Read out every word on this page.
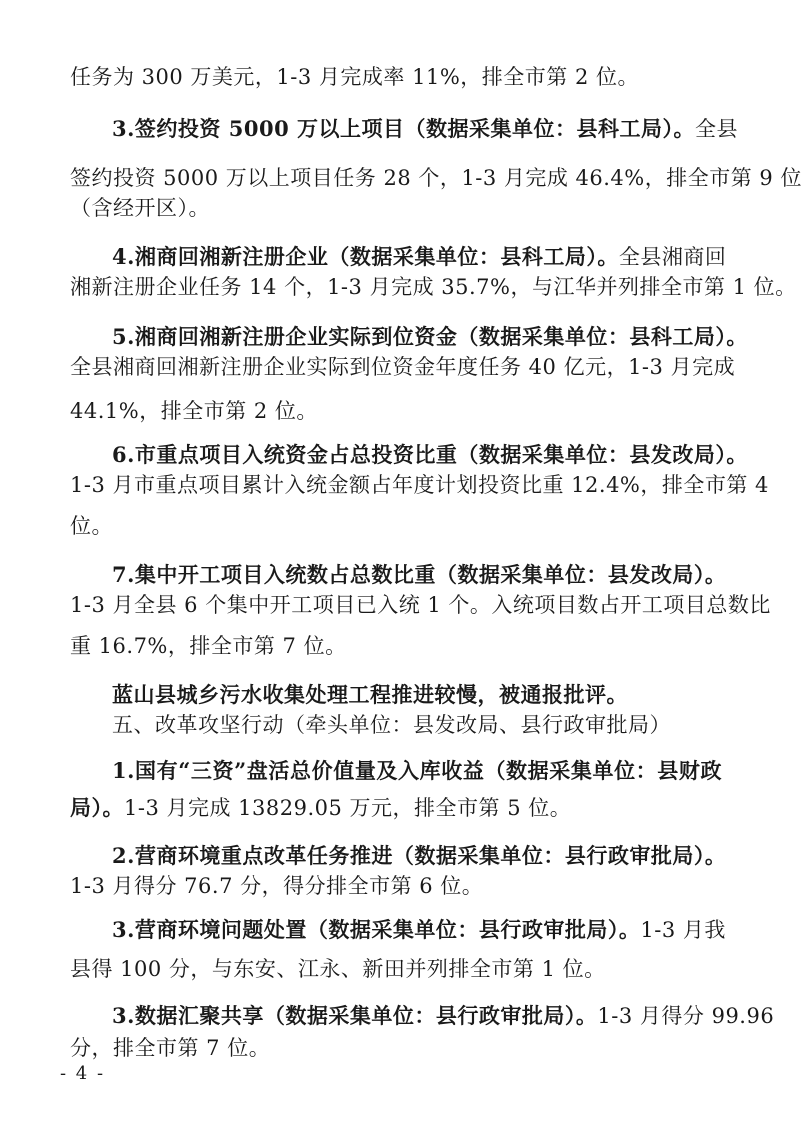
任务为 300 万美元，1-3 月完成率 11%，排全市第 2 位。
3.签约投资 5000 万以上项目（数据采集单位：县科工局）。全县
签约投资 5000 万以上项目任务 28 个，1-3 月完成 46.4%，排全市第 9 位
（含经开区）。
4.湘商回湘新注册企业（数据采集单位：县科工局）。全县湘商回
湘新注册企业任务 14 个，1-3 月完成 35.7%，与江华并列排全市第 1 位。
5.湘商回湘新注册企业实际到位资金（数据采集单位：县科工局）。
全县湘商回湘新注册企业实际到位资金年度任务 40 亿元，1-3 月完成
44.1%，排全市第 2 位。
6.市重点项目入统资金占总投资比重（数据采集单位：县发改局）。
1-3 月市重点项目累计入统金额占年度计划投资比重 12.4%，排全市第 4
位。
7.集中开工项目入统数占总数比重（数据采集单位：县发改局）。
1-3 月全县 6 个集中开工项目已入统 1 个。入统项目数占开工项目总数比
重 16.7%，排全市第 7 位。
蓝山县城乡污水收集处理工程推进较慢，被通报批评。
五、改革攻坚行动（牵头单位：县发改局、县行政审批局）
1.国有“三资”盘活总价值量及入库收益（数据采集单位：县财政
局）。1-3 月完成 13829.05 万元，排全市第 5 位。
2.营商环境重点改革任务推进（数据采集单位：县行政审批局）。
1-3 月得分 76.7 分，得分排全市第 6 位。
3.营商环境问题处置（数据采集单位：县行政审批局）。1-3 月我
县得 100 分，与东安、江永、新田并列排全市第 1 位。
3.数据汇聚共享（数据采集单位：县行政审批局）。1-3 月得分 99.96
分，排全市第 7 位。
- 4 -
